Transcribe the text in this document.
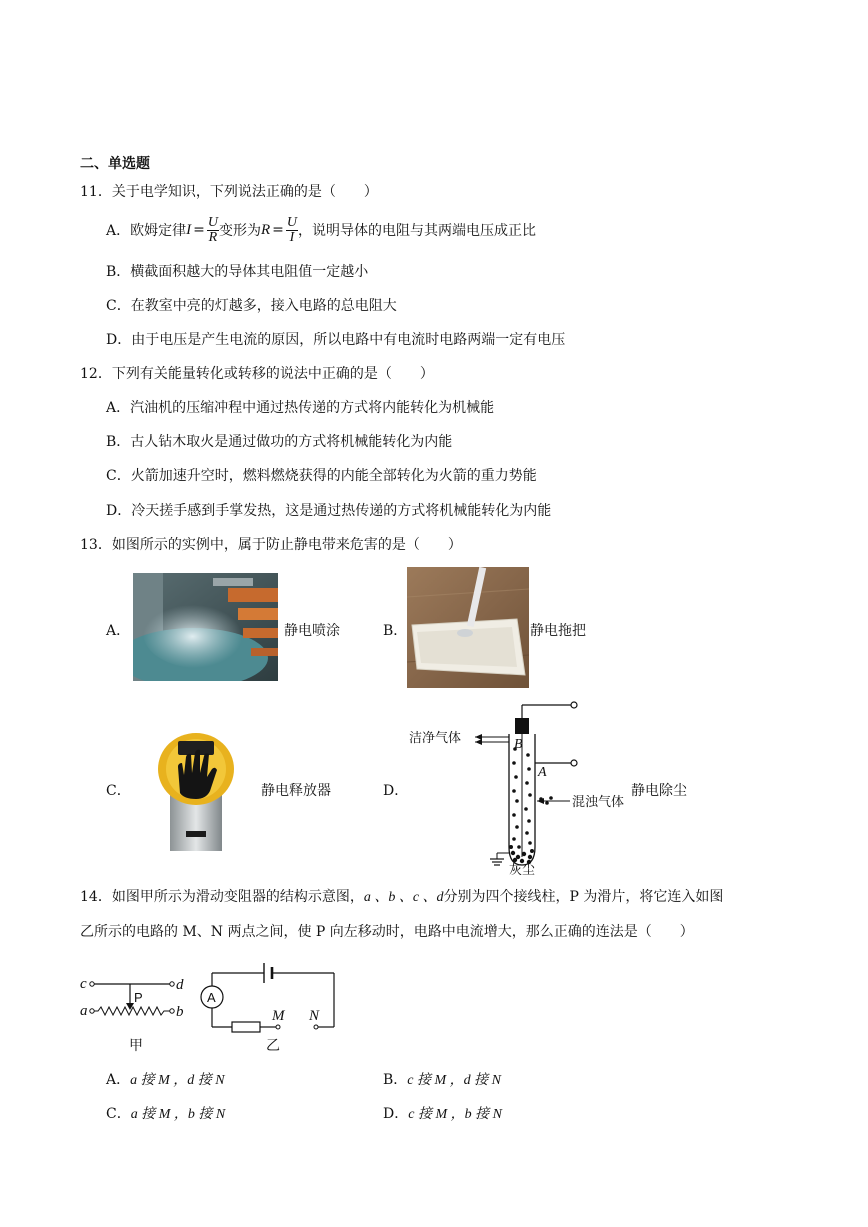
二、单选题
11．关于电学知识，下列说法正确的是（　　）
A．欧姆定律 $I = \frac{U}{R}$ 变形为 $R = \frac{U}{I}$ ，说明导体的电阻与其两端电压成正比
B．横截面积越大的导体其电阻值一定越小
C．在教室中亮的灯越多，接入电路的总电阻大
D．由于电压是产生电流的原因，所以电路中有电流时电路两端一定有电压
12．下列有关能量转化或转移的说法中正确的是（　　）
A．汽油机的压缩冲程中通过热传递的方式将内能转化为机械能
B．古人钻木取火是通过做功的方式将机械能转化为内能
C．火箭加速升空时，燃料燃烧获得的内能全部转化为火箭的重力势能
D．冷天搓手感到手掌发热，这是通过热传递的方式将机械能转化为内能
13．如图所示的实例中，属于防止静电带来危害的是（　　）
A．	静电喷涂	B．	静电拖把
C．	静电释放器	D．
B
A
洁净气体
混浊气体
灰尘
静电除尘
14．如图甲所示为滑动变阻器的结构示意图，a 、b 、c 、d分别为四个接线柱，P 为滑片，将它连入如图
乙所示的电路的 M、N 两点之间，使 P 向左移动时，电路中电流增大，那么正确的连法是（　　）
c	d
P
a	b
甲
A
M N
乙
A．a 接 M ，d 接 N	B．c 接 M ，d 接 N
C．a 接 M ，b 接 N	D．c 接 M ，b 接 N
